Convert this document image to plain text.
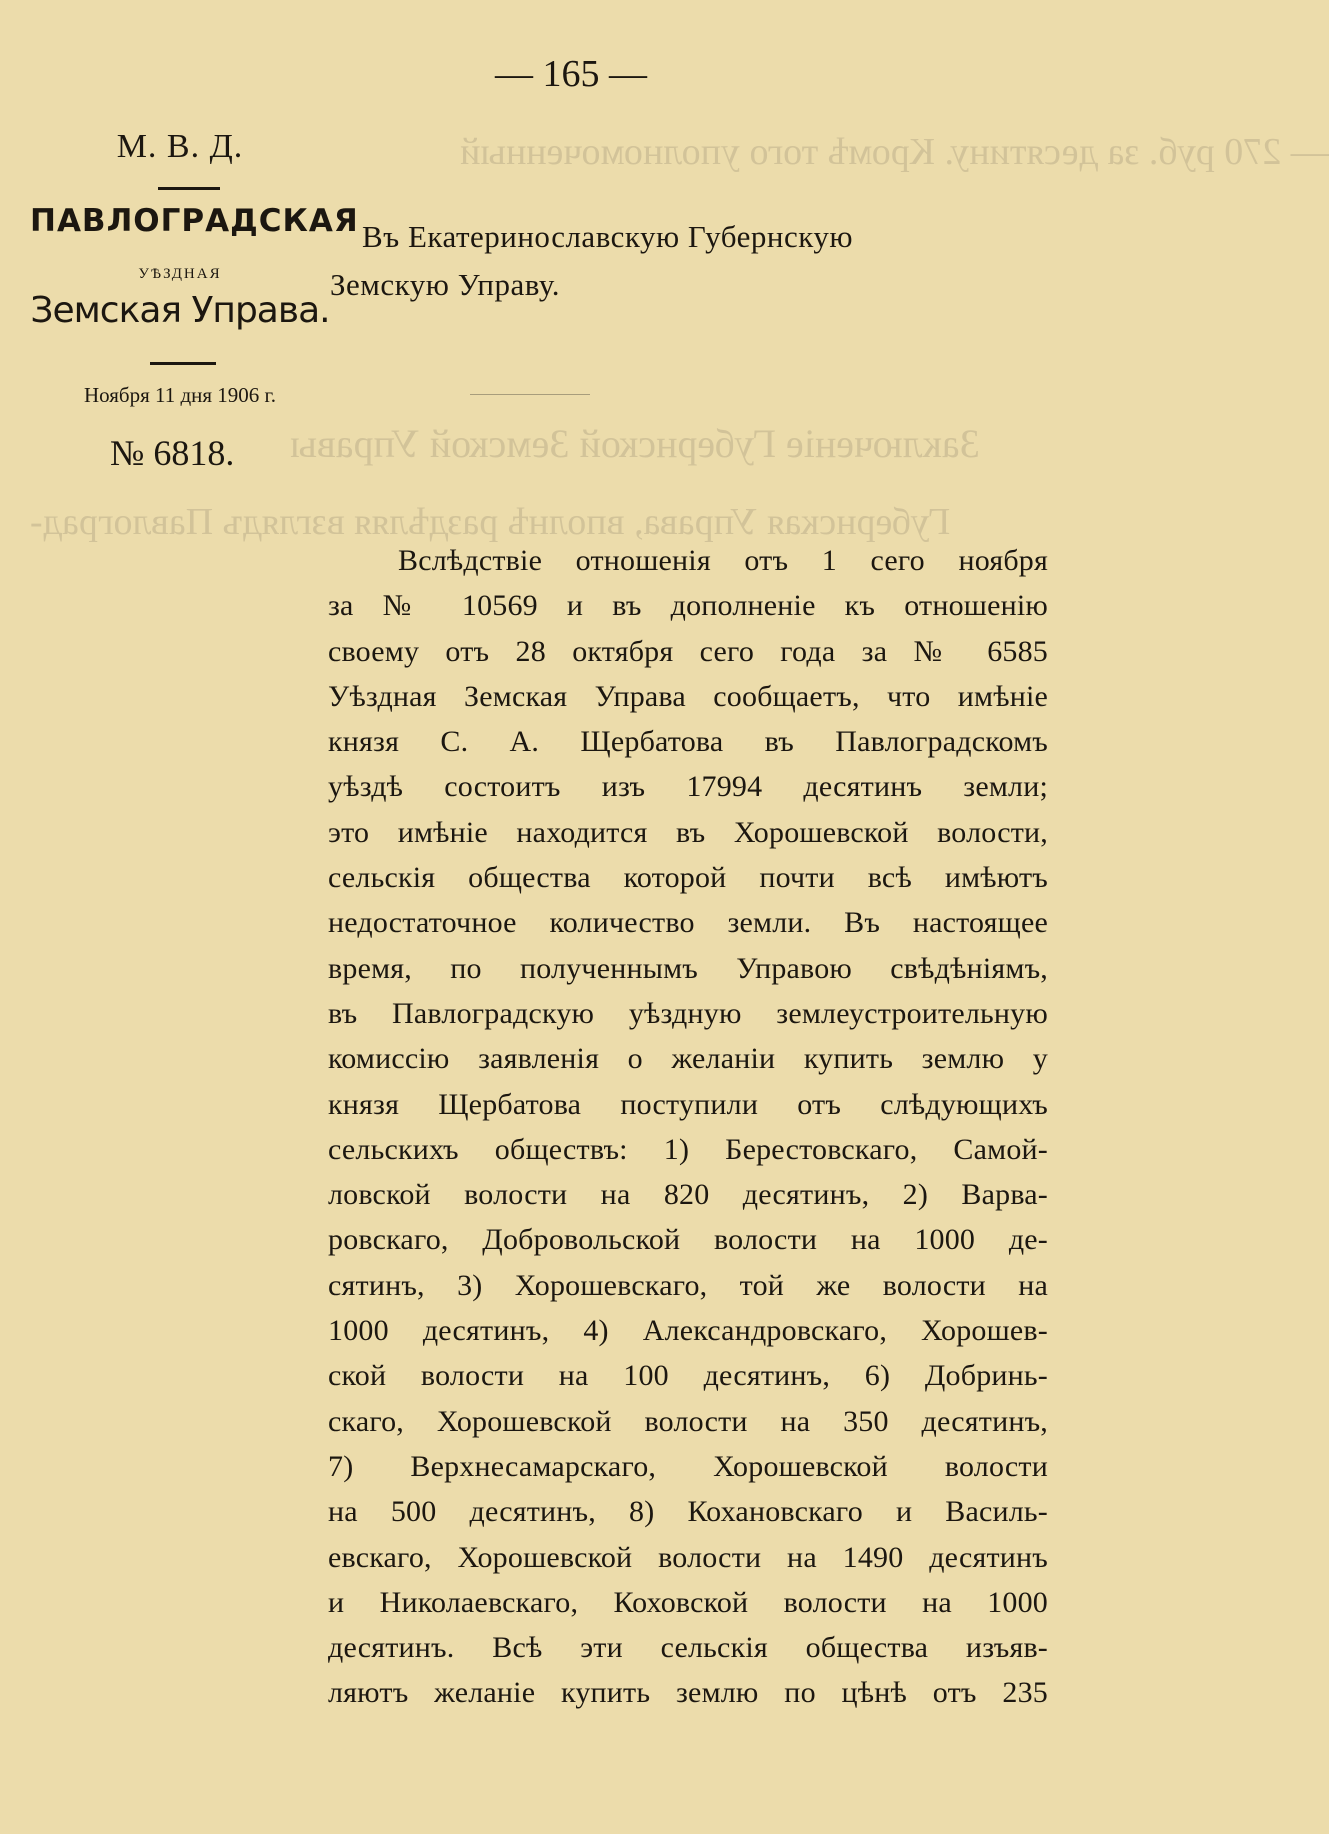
— 270 руб. за десятину. Кромѣ того уполномоченный
Заключеніе Губернской Земской Управы
Губернская Управа, вполнѣ раздѣляя взглядъ Павлоград-
— 165 —
М. В. Д.
ПАВЛОГРАДСКАЯ
УѢЗДНАЯ
Земская Управа.
Ноября 11 дня 1906 г.
№ 6818.
Въ Екатеринославскую Губернскую
Земскую Управу.
Вслѣдствіе отношенія отъ 1 сего ноября
за № 10569 и въ дополненіе къ отношенію
своему отъ 28 октября сего года за № 6585
Уѣздная Земская Управа сообщаетъ, что имѣніе
князя С. А. Щербатова въ Павлоградскомъ
уѣздѣ состоитъ изъ 17994 десятинъ земли;
это имѣніе находится въ Хорошевской волости,
сельскія общества которой почти всѣ имѣютъ
недостаточное количество земли. Въ настоящее
время, по полученнымъ Управою свѣдѣніямъ,
въ Павлоградскую уѣздную землеустроительную
комиссію заявленія о желаніи купить землю у
князя Щербатова поступили отъ слѣдующихъ
сельскихъ обществъ: 1) Берестовскаго, Самой-
ловской волости на 820 десятинъ, 2) Варва-
ровскаго, Добровольской волости на 1000 де-
сятинъ, 3) Хорошевскаго, той же волости на
1000 десятинъ, 4) Александровскаго, Хорошев-
ской волости на 100 десятинъ, 6) Добринь-
скаго, Хорошевской волости на 350 десятинъ,
7) Верхнесамарскаго, Хорошевской волости
на 500 десятинъ, 8) Кохановскаго и Василь-
евскаго, Хорошевской волости на 1490 десятинъ
и Николаевскаго, Коховской волости на 1000
десятинъ. Всѣ эти сельскія общества изъяв-
ляютъ желаніе купить землю по цѣнѣ отъ 235
